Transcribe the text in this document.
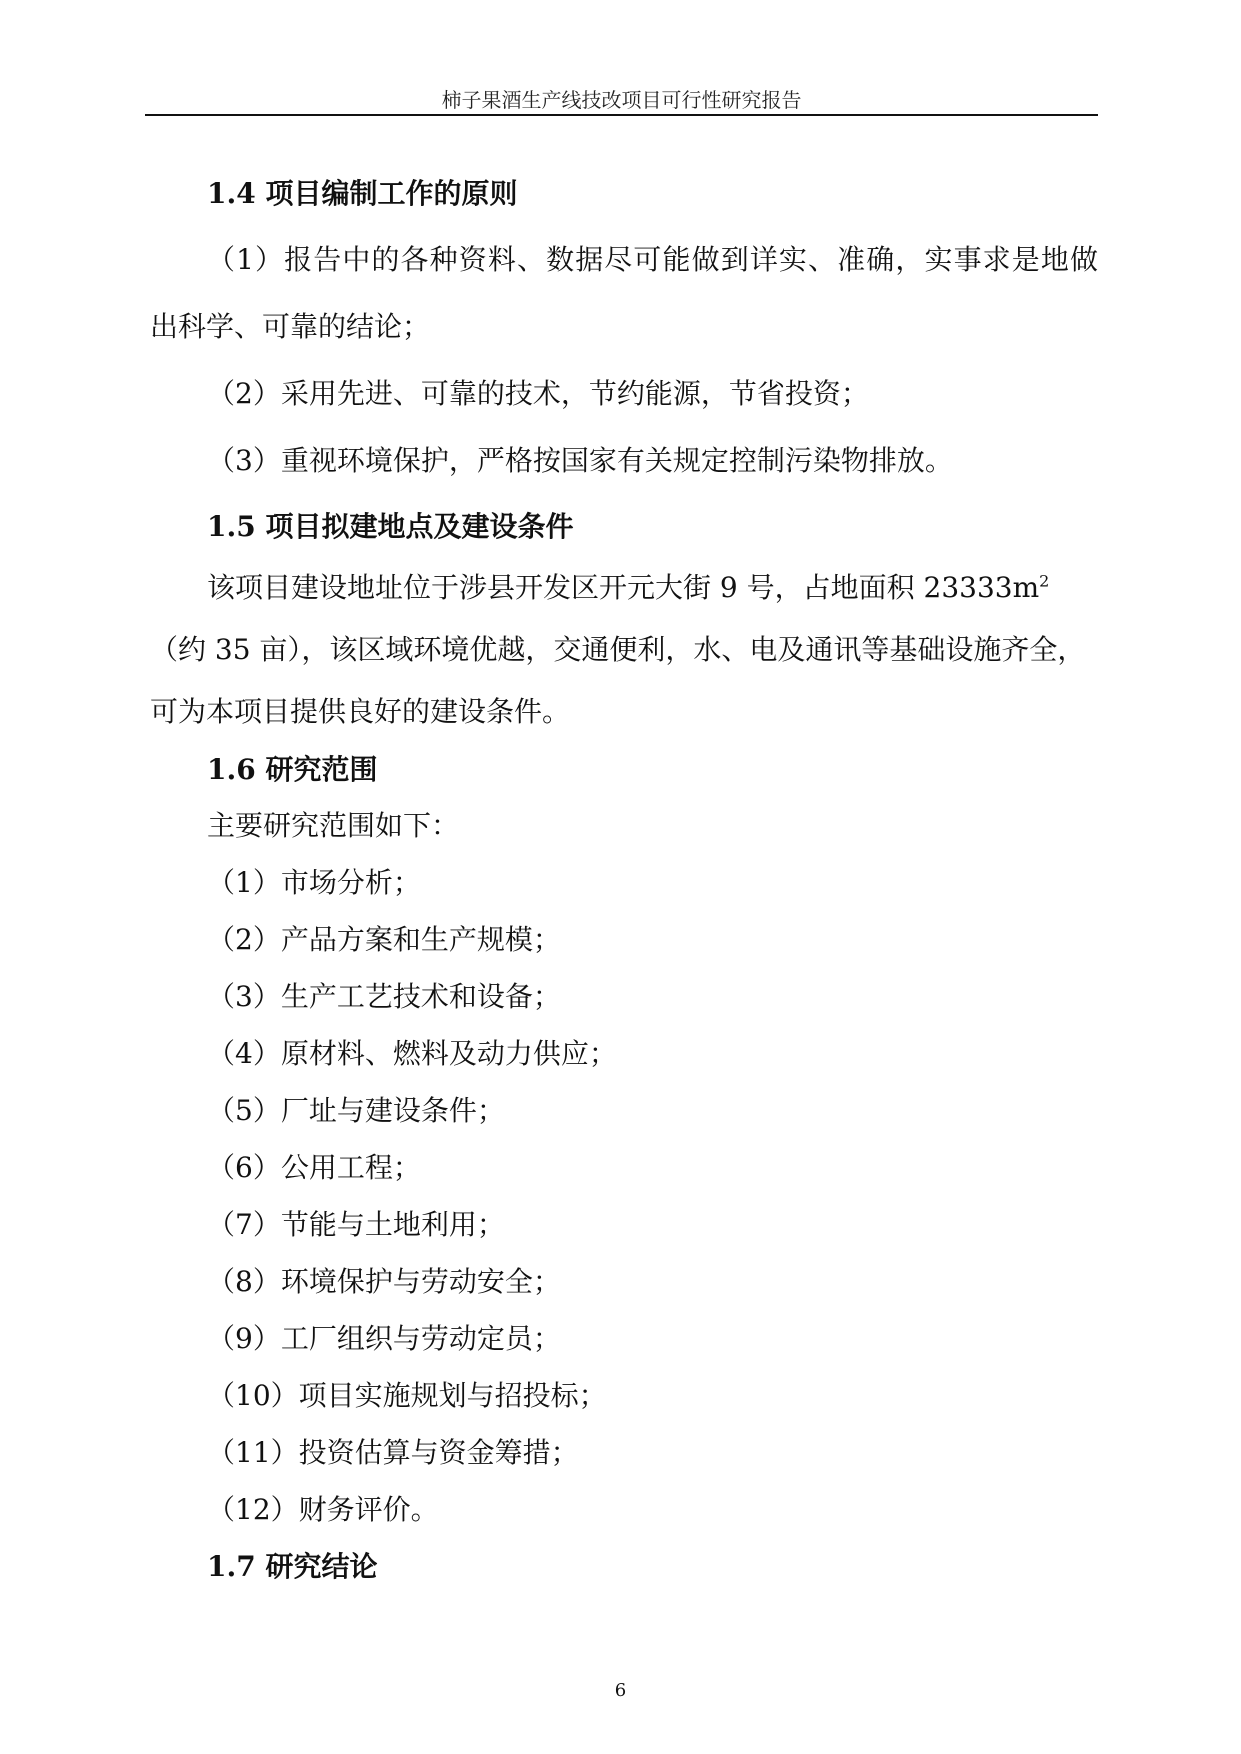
柿子果酒生产线技改项目可行性研究报告
1.4 项目编制工作的原则
（1）报告中的各种资料、数据尽可能做到详实、准确，实事求是地做
出科学、可靠的结论；
（2）采用先进、可靠的技术，节约能源，节省投资；
（3）重视环境保护，严格按国家有关规定控制污染物排放。
1.5 项目拟建地点及建设条件
该项目建设地址位于涉县开发区开元大街 9 号，占地面积 $23333m^2$
（约 35 亩），该区域环境优越，交通便利，水、电及通讯等基础设施齐全，
可为本项目提供良好的建设条件。
1.6 研究范围
主要研究范围如下：
（1）市场分析；
（2）产品方案和生产规模；
（3）生产工艺技术和设备；
（4）原材料、燃料及动力供应；
（5）厂址与建设条件；
（6）公用工程；
（7）节能与土地利用；
（8）环境保护与劳动安全；
（9）工厂组织与劳动定员；
（10）项目实施规划与招投标；
（11）投资估算与资金筹措；
（12）财务评价。
1.7 研究结论
6
